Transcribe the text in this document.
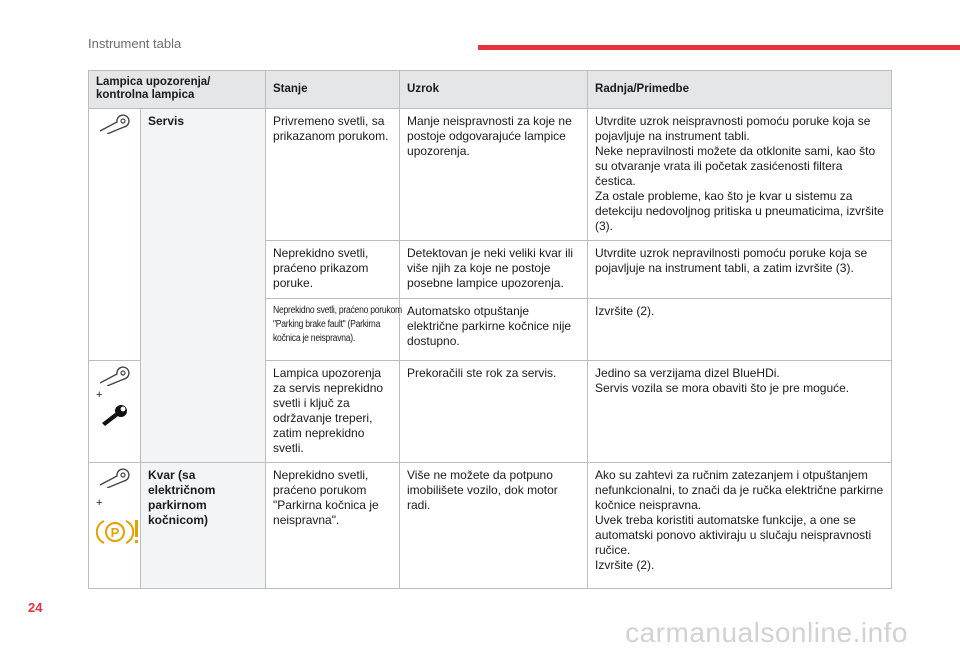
Instrument tabla
Lampica upozorenja/
kontrolna lampica		Stanje	Uzrok	Radnja/Primedbe

	Servis	Privremeno svetli, sa prikazanom porukom.	Manje neispravnosti za koje ne postoje odgovarajuće lampice upozorenja.	Utvrdite uzrok neispravnosti pomoću poruke koja se pojavljuje na instrument tabli.
Neke nepravilnosti možete da otklonite sami, kao što su otvaranje vrata ili početak zasićenosti filtera čestica.
Za ostale probleme, kao što je kvar u sistemu za detekciju nedovoljnog pritiska u pneumaticima, izvršite (3).
		Neprekidno svetli, praćeno prikazom poruke.	Detektovan je neki veliki kvar ili više njih za koje ne postoje posebne lampice upozorenja.	Utvrdite uzrok nepravilnosti pomoću poruke koja se pojavljuje na instrument tabli, a zatim izvršite (3).

		Neprekidno svetli, praćeno porukom "Parking brake fault" (Parkirna kočnica je neispravna).	Automatsko otpuštanje električne parkirne kočnice nije dostupno.	Izvršite (2).

+		Lampica upozorenja za servis neprekidno svetli i ključ za održavanje treperi, zatim neprekidno svetli.	Prekoračili ste rok za servis.	Jedino sa verzijama dizel BlueHDi.
Servis vozila se mora obaviti što je pre moguće.

+
P	Kvar (sa električnom parkirnom kočnicom)	Neprekidno svetli, praćeno porukom "Parkirna kočnica je neispravna".	Više ne možete da potpuno imobilišete vozilo, dok motor radi.	Ako su zahtevi za ručnim zatezanjem i otpuštanjem nefunkcionalni, to znači da je ručka električne parkirne kočnice neispravna.
Uvek treba koristiti automatske funkcije, a one se automatski ponovo aktiviraju u slučaju neispravnosti ručice.
Izvršite (2).
24
carmanualsonline.info
